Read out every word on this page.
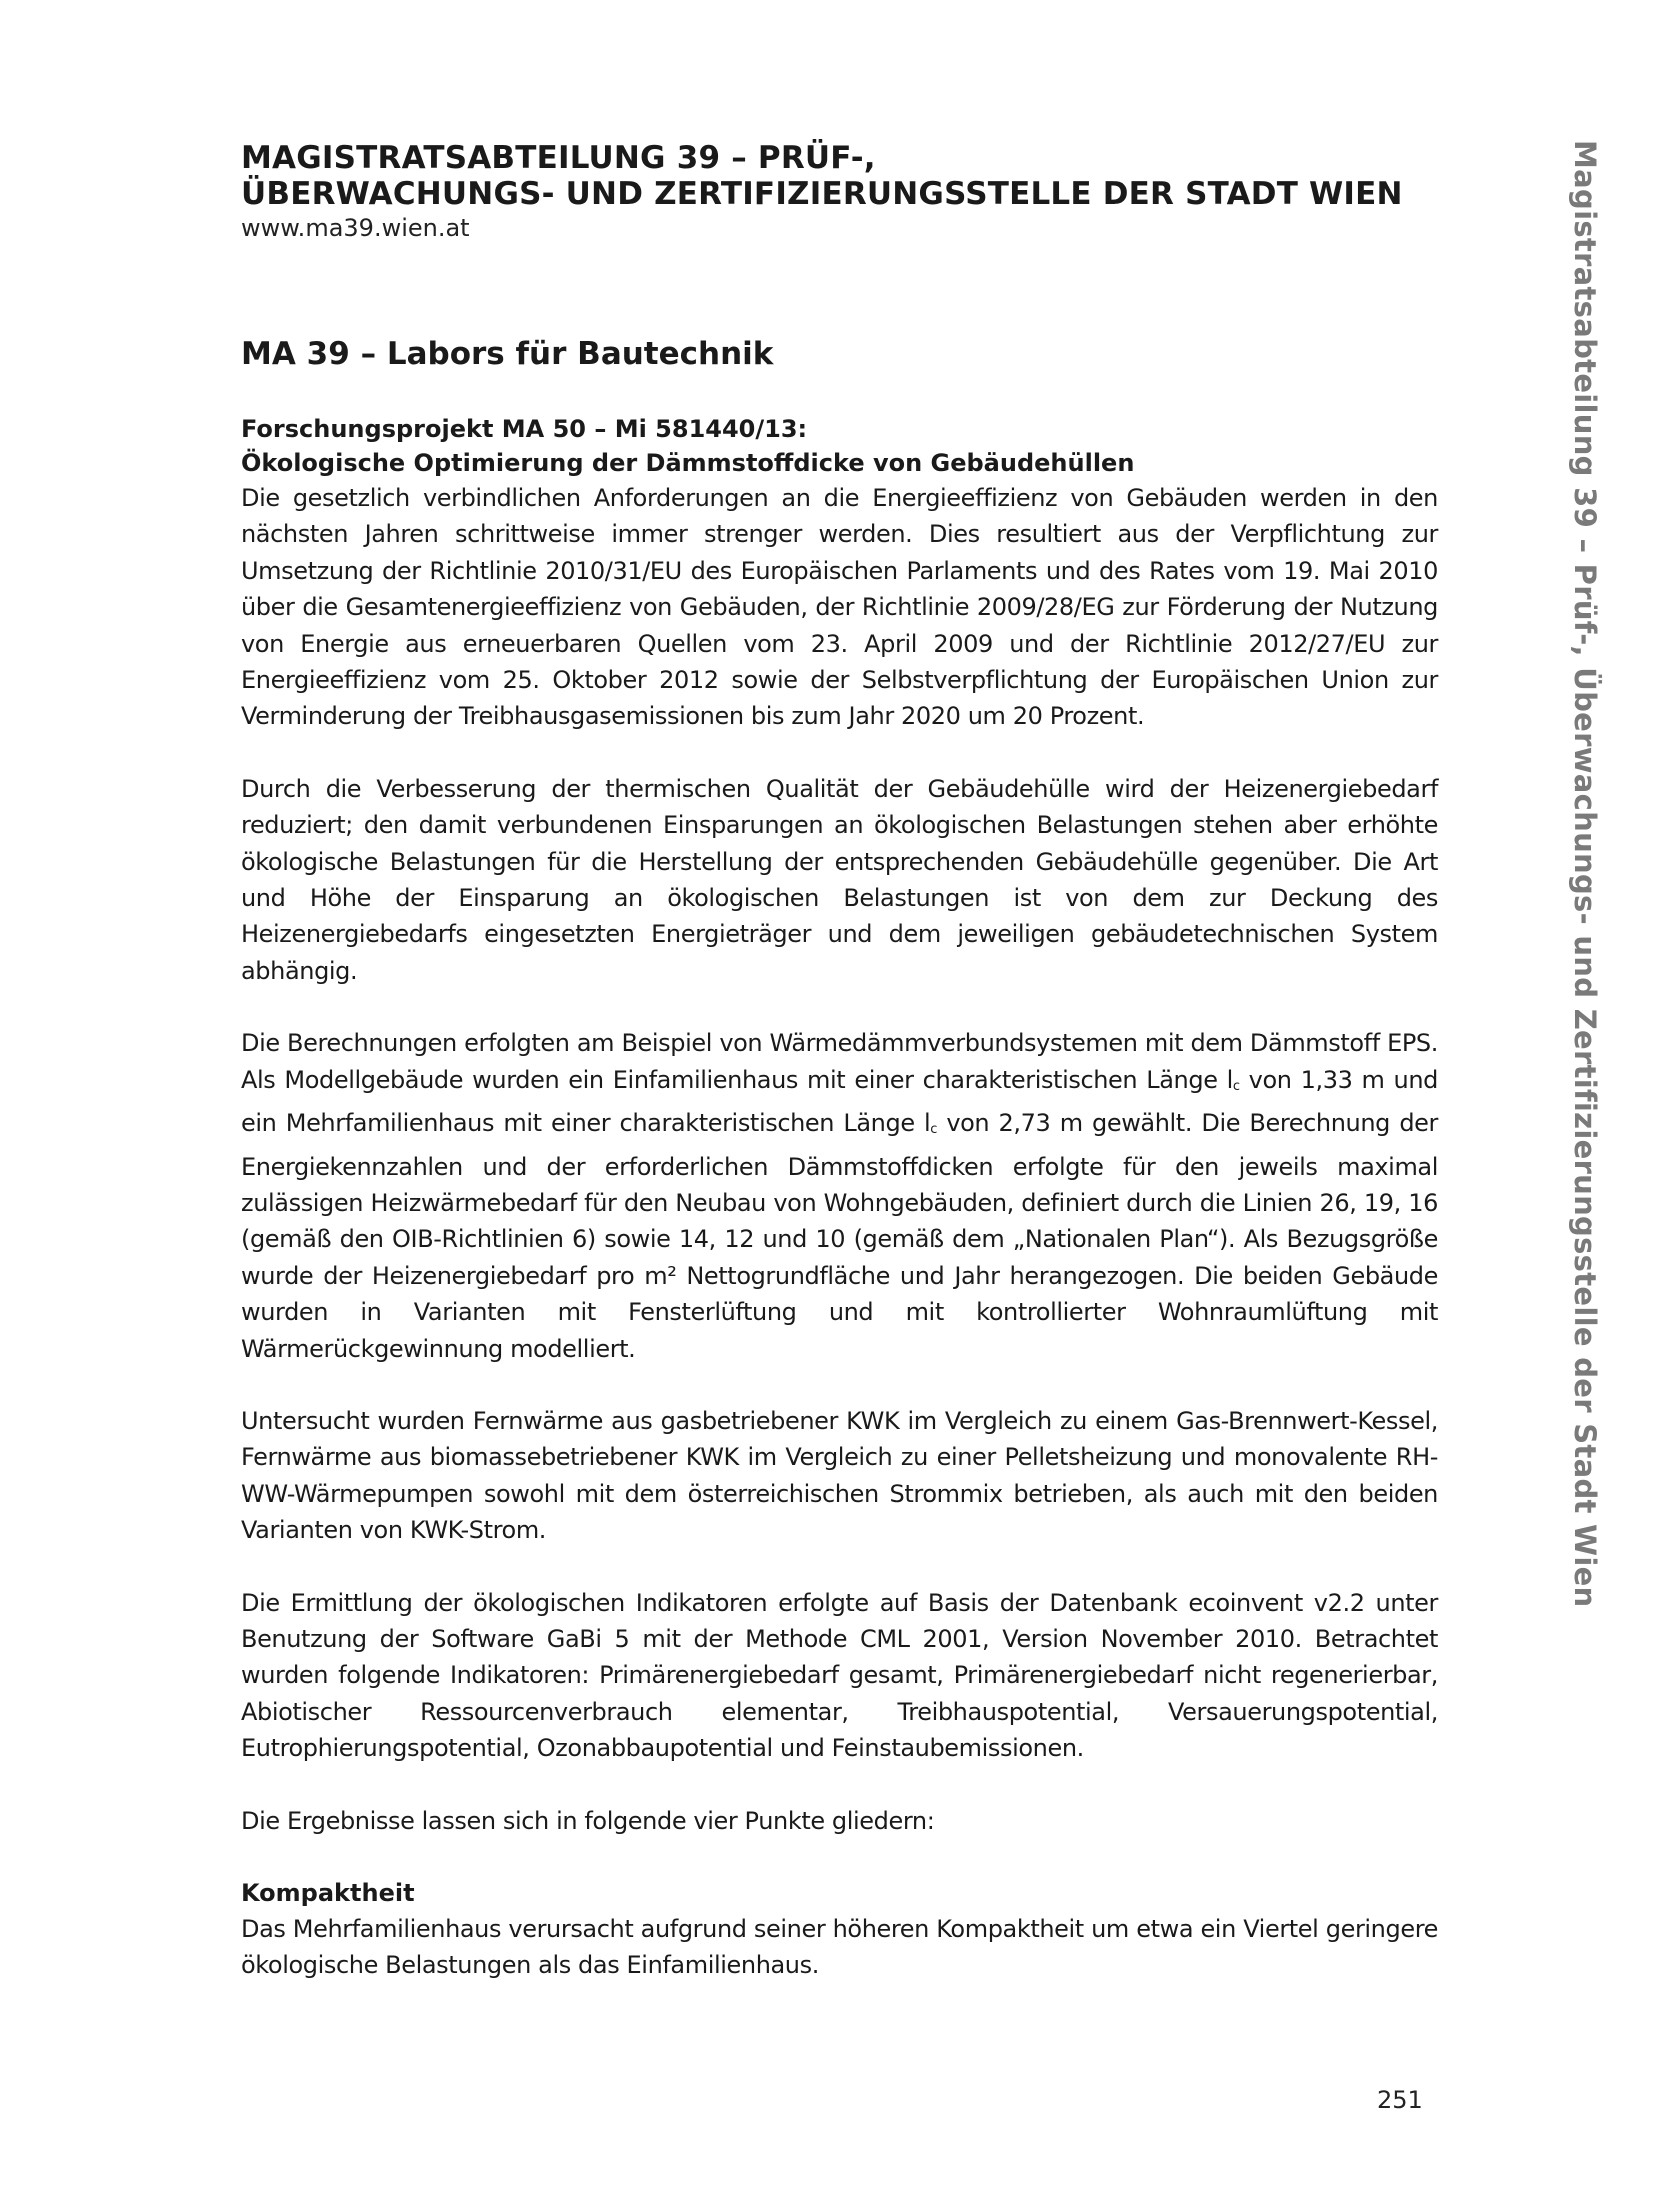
MAGISTRATSABTEILUNG 39 – PRÜF-,
ÜBERWACHUNGS- UND ZERTIFIZIERUNGSSTELLE DER STADT WIEN
www.ma39.wien.at
MA 39 – Labors für Bautechnik
Forschungsprojekt MA 50 – Mi 581440/13:
Ökologische Optimierung der Dämmstoffdicke von Gebäudehüllen

Die gesetzlich verbindlichen Anforderungen an die Energieeffizienz von Gebäuden werden in den nächsten Jahren schrittweise immer strenger werden. Dies resultiert aus der Verpflichtung zur Umsetzung der Richtlinie 2010/31/EU des Europäischen Parlaments und des Rates vom 19. Mai 2010 über die Gesamtenergieeffizienz von Gebäuden, der Richtlinie 2009/28/EG zur Förderung der Nutzung von Energie aus erneuerbaren Quellen vom 23. April 2009 und der Richtlinie 2012/27/EU zur Energieeffizienz vom 25. Oktober 2012 sowie der Selbstverpflichtung der Europäischen Union zur Verminderung der Treibhausgasemissionen bis zum Jahr 2020 um 20 Prozent.

Durch die Verbesserung der thermischen Qualität der Gebäudehülle wird der Heizenergiebedarf reduziert; den damit verbundenen Einsparungen an ökologischen Belastungen stehen aber erhöhte ökologische Belastungen für die Herstellung der entsprechenden Gebäudehülle gegenüber. Die Art und Höhe der Einsparung an ökologischen Belastungen ist von dem zur Deckung des Heizenergiebedarfs eingesetzten Energieträger und dem jeweiligen gebäudetechnischen System abhängig.

Die Berechnungen erfolgten am Beispiel von Wärmedämmverbundsystemen mit dem Dämmstoff EPS. Als Modellgebäude wurden ein Einfamilienhaus mit einer charakteristischen Länge $l_c$ von 1,33 m und ein Mehrfamilienhaus mit einer charakteristischen Länge $l_c$ von 2,73 m gewählt. Die Berechnung der Energiekennzahlen und der erforderlichen Dämmstoffdicken erfolgte für den jeweils maximal zulässigen Heizwärmebedarf für den Neubau von Wohngebäuden, definiert durch die Linien 26, 19, 16 (gemäß den OIB-Richtlinien 6) sowie 14, 12 und 10 (gemäß dem „Nationalen Plan“). Als Bezugsgröße wurde der Heizenergiebedarf pro m² Nettogrundfläche und Jahr herangezogen. Die beiden Gebäude wurden in Varianten mit Fensterlüftung und mit kontrollierter Wohnraumlüftung mit Wärmerückgewinnung modelliert.

Untersucht wurden Fernwärme aus gasbetriebener KWK im Vergleich zu einem Gas-Brennwert-Kessel, Fernwärme aus biomassebetriebener KWK im Vergleich zu einer Pelletsheizung und monovalente RH-WW-Wärmepumpen sowohl mit dem österreichischen Strommix betrieben, als auch mit den beiden Varianten von KWK-Strom.

Die Ermittlung der ökologischen Indikatoren erfolgte auf Basis der Datenbank ecoinvent v2.2 unter Benutzung der Software GaBi 5 mit der Methode CML 2001, Version November 2010. Betrachtet wurden folgende Indikatoren: Primärenergiebedarf gesamt, Primärenergiebedarf nicht regenerierbar, Abiotischer Ressourcenverbrauch elementar, Treibhauspotential, Versauerungspotential, Eutrophierungspotential, Ozonabbaupotential und Feinstaubemissionen.

Die Ergebnisse lassen sich in folgende vier Punkte gliedern:

Kompaktheit

Das Mehrfamilienhaus verursacht aufgrund seiner höheren Kompaktheit um etwa ein Viertel geringere ökologische Belastungen als das Einfamilienhaus.

Magistratsabteilung 39 – Prüf-, Überwachungs- und Zertifizierungsstelle der Stadt Wien
251
